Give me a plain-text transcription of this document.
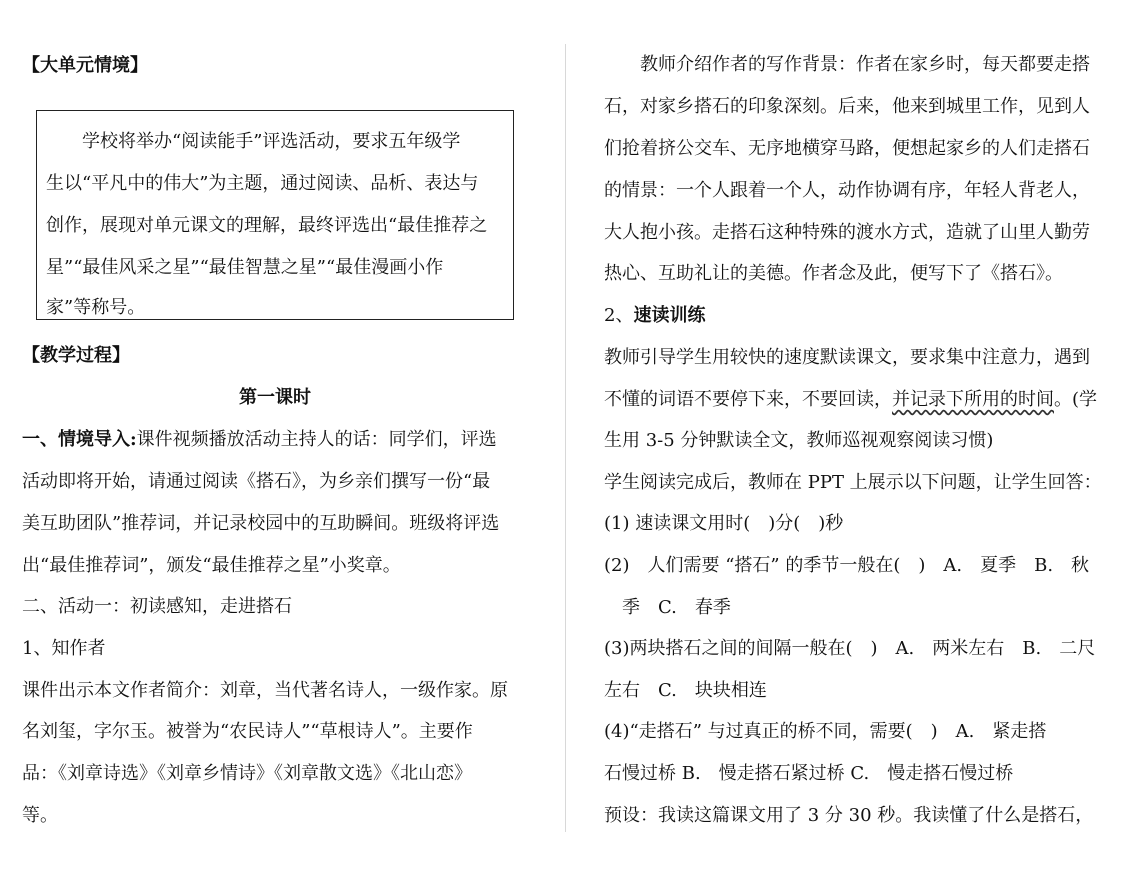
【大单元情境】
【教学过程】
第一课时
一、情境导入:课件视频播放活动主持人的话：同学们，评选
活动即将开始，请通过阅读《搭石》，为乡亲们撰写一份“最
美互助团队”推荐词，并记录校园中的互助瞬间。班级将评选
出“最佳推荐词”，颁发“最佳推荐之星”小奖章。
二、活动一：初读感知，走进搭石
1、知作者
课件出示本文作者简介：刘章，当代著名诗人，一级作家。原
名刘玺，字尔玉。被誉为“农民诗人”“草根诗人”。主要作
品：《刘章诗选》《刘章乡情诗》《刘章散文选》《北山恋》
等。
　　学校将举办“阅读能手”评选活动，要求五年级学
生以“平凡中的伟大”为主题，通过阅读、品析、表达与
创作，展现对单元课文的理解，最终评选出“最佳推荐之
星”“最佳风采之星”“最佳智慧之星”“最佳漫画小作
家”等称号。
　　教师介绍作者的写作背景：作者在家乡时，每天都要走搭
石，对家乡搭石的印象深刻。后来，他来到城里工作，见到人
们抢着挤公交车、无序地横穿马路，便想起家乡的人们走搭石
的情景：一个人跟着一个人，动作协调有序，年轻人背老人，
大人抱小孩。走搭石这种特殊的渡水方式，造就了山里人勤劳
热心、互助礼让的美德。作者念及此，便写下了《搭石》。
2、速读训练
教师引导学生用较快的速度默读课文，要求集中注意力，遇到
不懂的词语不要停下来，不要回读，并记录下所用的时间。(学
生用 3-5 分钟默读全文，教师巡视观察阅读习惯)
学生阅读完成后，教师在 PPT 上展示以下问题，让学生回答：
(1) 速读课文用时(　)分(　)秒
(2)　人们需要 “搭石” 的季节一般在(　)　A.　夏季　B.　秋
　季　C.　春季
(3)两块搭石之间的间隔一般在(　)　A.　两米左右　B.　二尺
左右　C.　块块相连
(4)“走搭石” 与过真正的桥不同，需要(　)　A.　紧走搭
石慢过桥 B.　慢走搭石紧过桥 C.　慢走搭石慢过桥
预设：我读这篇课文用了 3 分 30 秒。我读懂了什么是搭石，
